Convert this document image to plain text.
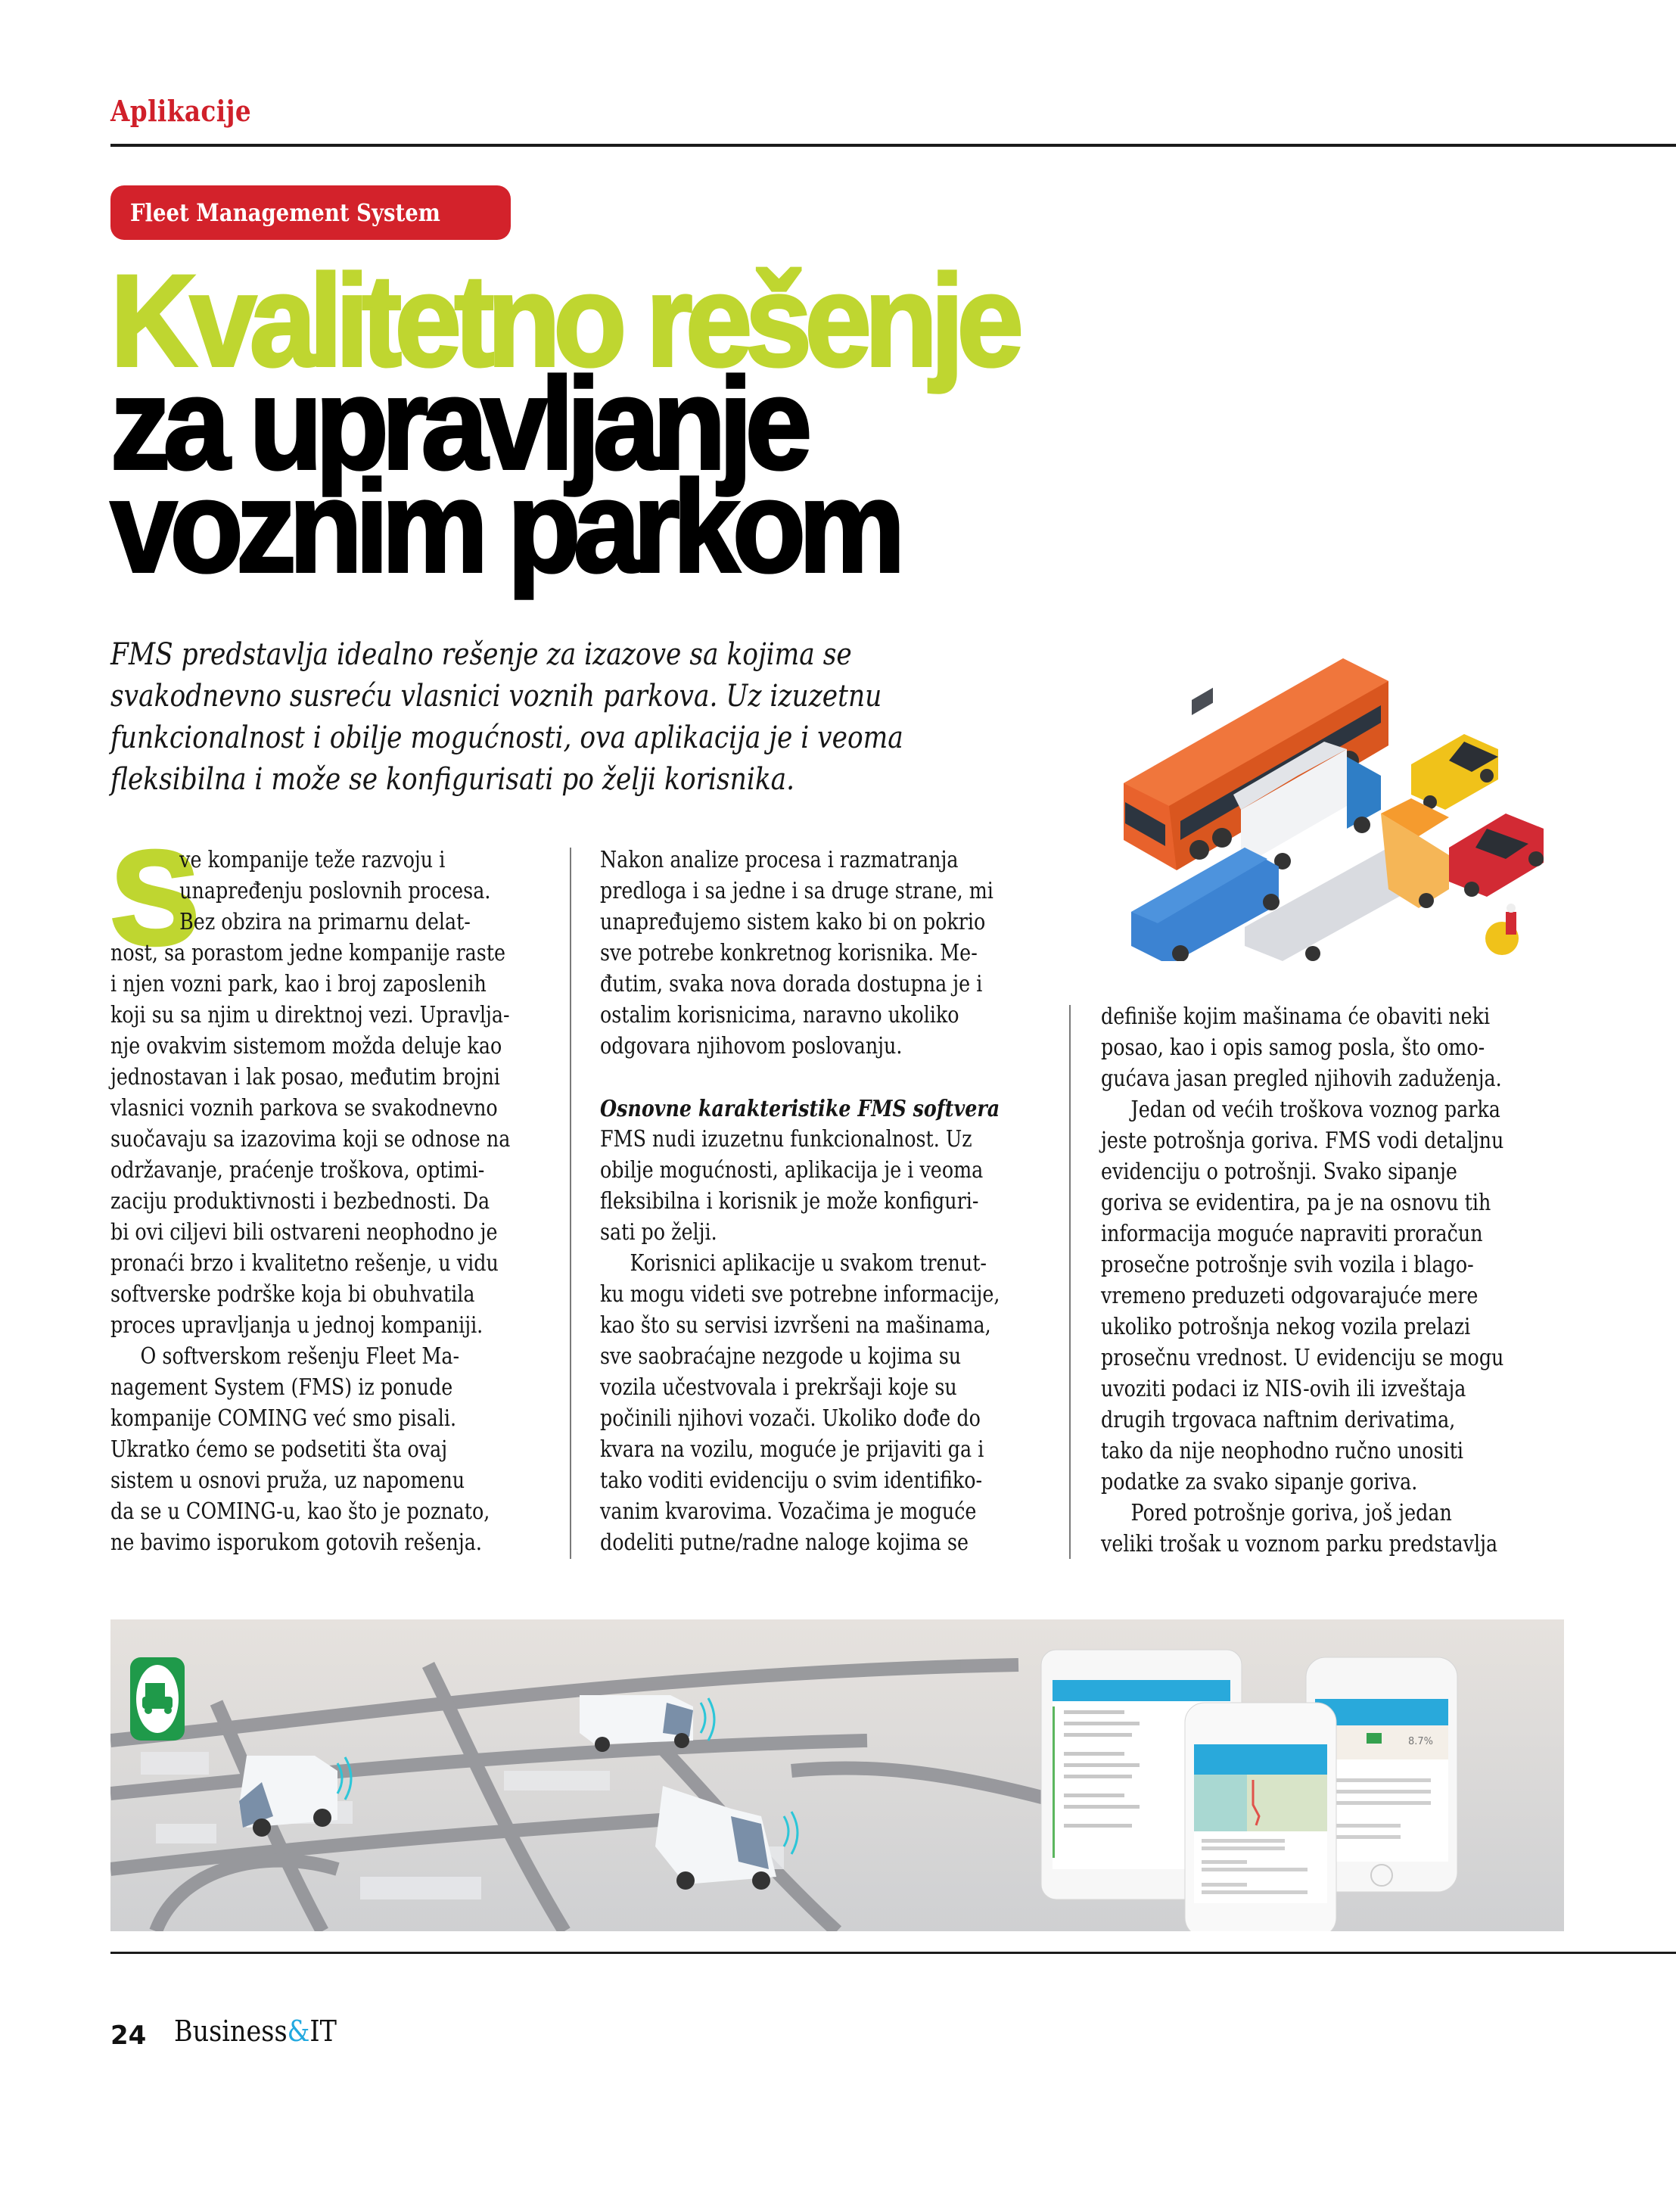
Aplikacije
Fleet Management System
Kvalitetno rešenje
za upravljanje
voznim parkom
FMS predstavlja idealno rešenje za izazove sa kojima se
svakodnevno susreću vlasnici voznih parkova. Uz izuzetnu
funkcionalnost i obilje mogućnosti, ova aplikacija je i veoma
fleksibilna i može se konfigurisati po želji korisnika.
S
ve kompanije teže razvoju i
unapređenju poslovnih procesa.
Bez obzira na primarnu delat-
nost, sa porastom jedne kompanije raste
i njen vozni park, kao i broj zaposlenih
koji su sa njim u direktnoj vezi. Upravlja-
nje ovakvim sistemom možda deluje kao
jednostavan i lak posao, međutim brojni
vlasnici voznih parkova se svakodnevno
suočavaju sa izazovima koji se odnose na
održavanje, praćenje troškova, optimi-
zaciju produktivnosti i bezbednosti. Da
bi ovi ciljevi bili ostvareni neophodno je
pronaći brzo i kvalitetno rešenje, u vidu
softverske podrške koja bi obuhvatila
proces upravljanja u jednoj kompaniji.
O softverskom rešenju Fleet Ma-
nagement System (FMS) iz ponude
kompanije COMING već smo pisali.
Ukratko ćemo se podsetiti šta ovaj
sistem u osnovi pruža, uz napomenu
da se u COMING-u, kao što je poznato,
ne bavimo isporukom gotovih rešenja.
Nakon analize procesa i razmatranja
predloga i sa jedne i sa druge strane, mi
unapređujemo sistem kako bi on pokrio
sve potrebe konkretnog korisnika. Me-
đutim, svaka nova dorada dostupna je i
ostalim korisnicima, naravno ukoliko
odgovara njihovom poslovanju.
Osnovne karakteristike FMS softvera
FMS nudi izuzetnu funkcionalnost. Uz
obilje mogućnosti, aplikacija je i veoma
fleksibilna i korisnik je može konfiguri-
sati po želji.
Korisnici aplikacije u svakom trenut-
ku mogu videti sve potrebne informacije,
kao što su servisi izvršeni na mašinama,
sve saobraćajne nezgode u kojima su
vozila učestvovala i prekršaji koje su
počinili njihovi vozači. Ukoliko dođe do
kvara na vozilu, moguće je prijaviti ga i
tako voditi evidenciju o svim identifiko-
vanim kvarovima. Vozačima je moguće
dodeliti putne/radne naloge kojima se
definiše kojim mašinama će obaviti neki
posao, kao i opis samog posla, što omo-
gućava jasan pregled njihovih zaduženja.
Jedan od većih troškova voznog parka
jeste potrošnja goriva. FMS vodi detaljnu
evidenciju o potrošnji. Svako sipanje
goriva se evidentira, pa je na osnovu tih
informacija moguće napraviti proračun
prosečne potrošnje svih vozila i blago-
vremeno preduzeti odgovarajuće mere
ukoliko potrošnja nekog vozila prelazi
prosečnu vrednost. U evidenciju se mogu
uvoziti podaci iz NIS-ovih ili izveštaja
drugih trgovaca naftnim derivatima,
tako da nije neophodno ručno unositi
podatke za svako sipanje goriva.
Pored potrošnje goriva, još jedan
veliki trošak u voznom parku predstavlja
8.7%
24 Business&IT
